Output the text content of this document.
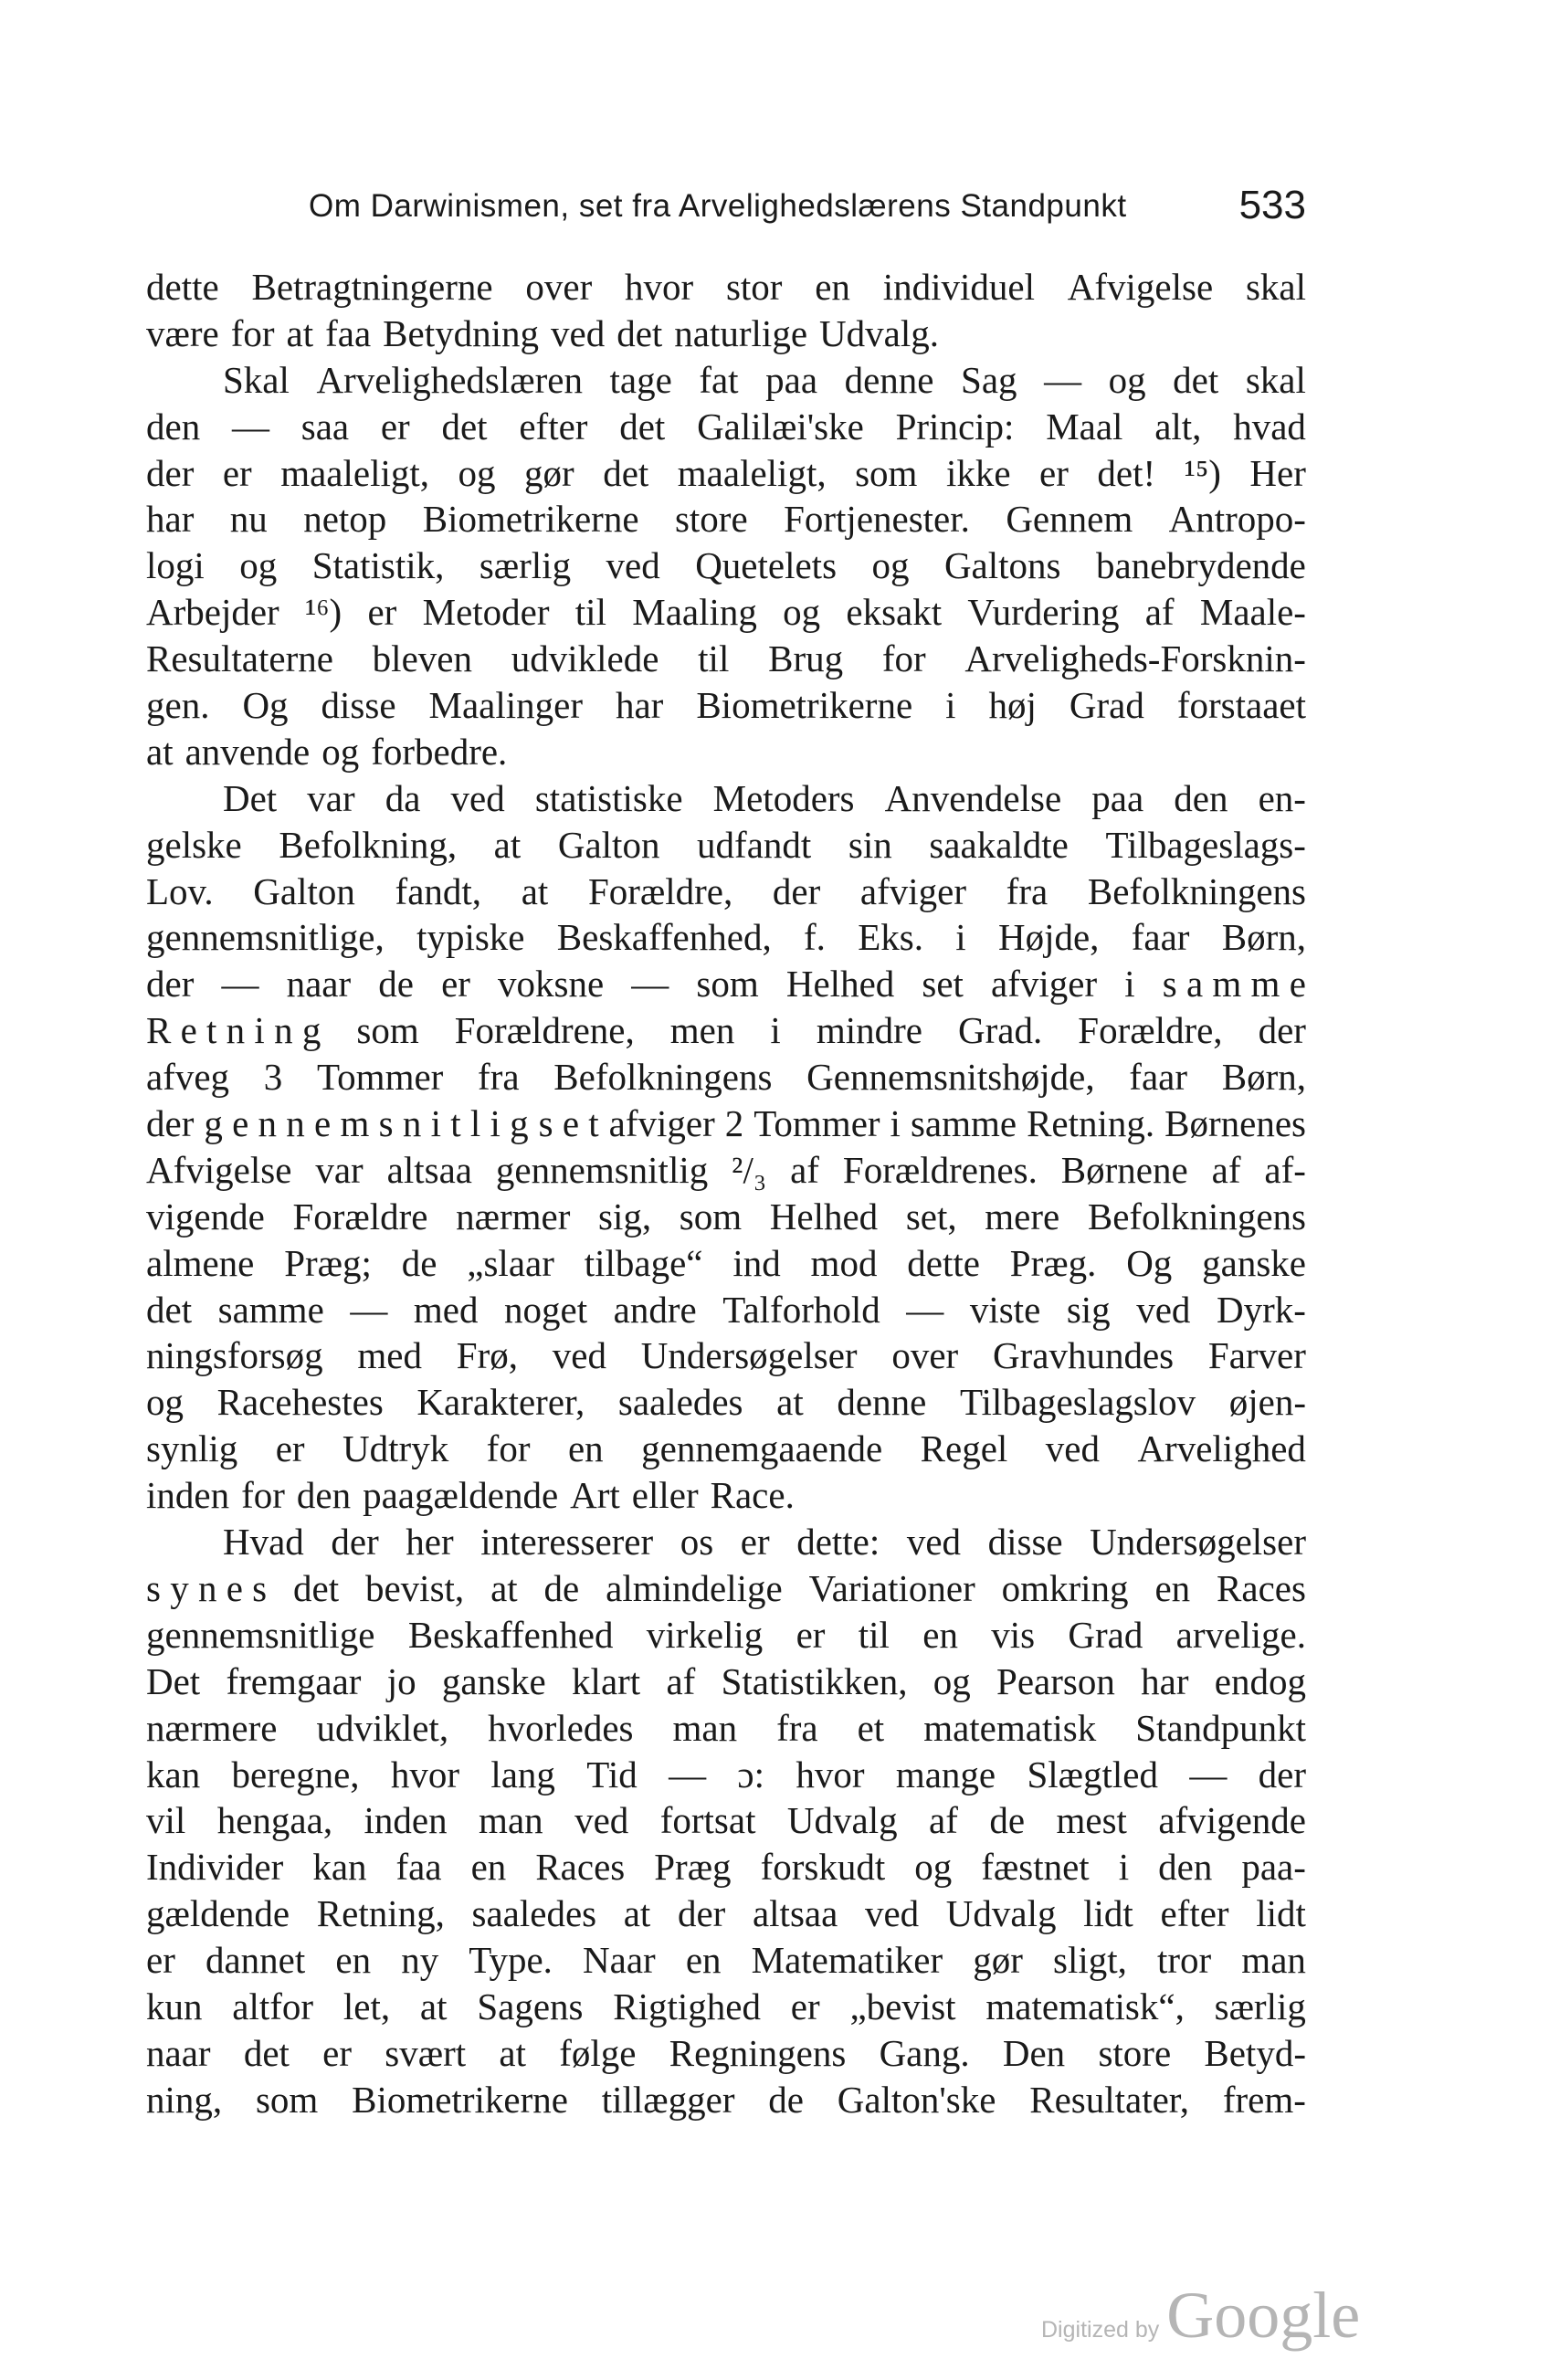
Om Darwinismen, set fra Arvelighedslærens Standpunkt	533
dette Betragtningerne over hvor stor en individuel Afvigelse skal
være for at faa Betydning ved det naturlige Udvalg.
Skal Arvelighedslæren tage fat paa denne Sag — og det skal
den — saa er det efter det Galilæi'ske Princip: Maal alt, hvad
der er maaleligt, og gør det maaleligt, som ikke er det! ¹⁵) Her
har nu netop Biometrikerne store Fortjenester. Gennem Antropo-
logi og Statistik, særlig ved Quetelets og Galtons banebrydende
Arbejder ¹⁶) er Metoder til Maaling og eksakt Vurdering af Maale-
Resultaterne bleven udviklede til Brug for Arveligheds-Forsknin-
gen. Og disse Maalinger har Biometrikerne i høj Grad forstaaet
at anvende og forbedre.
Det var da ved statistiske Metoders Anvendelse paa den en-
gelske Befolkning, at Galton udfandt sin saakaldte Tilbageslags-
Lov. Galton fandt, at Forældre, der afviger fra Befolkningens
gennemsnitlige, typiske Beskaffenhed, f. Eks. i Højde, faar Børn,
der — naar de er voksne — som Helhed set afviger i s a m m e
R e t n i n g som Forældrene, men i mindre Grad. Forældre, der
afveg 3 Tommer fra Befolkningens Gennemsnitshøjde, faar Børn,
der g e n n e m s n i t l i g s e t afviger 2 Tommer i samme Retning. Børnenes
Afvigelse var altsaa gennemsnitlig ²/₃ af Forældrenes. Børnene af af-
vigende Forældre nærmer sig, som Helhed set, mere Befolkningens
almene Præg; de „slaar tilbage“ ind mod dette Præg. Og ganske
det samme — med noget andre Talforhold — viste sig ved Dyrk-
ningsforsøg med Frø, ved Undersøgelser over Gravhundes Farver
og Racehestes Karakterer, saaledes at denne Tilbageslagslov øjen-
synlig er Udtryk for en gennemgaaende Regel ved Arvelighed
inden for den paagældende Art eller Race.
Hvad der her interesserer os er dette: ved disse Undersøgelser
s y n e s det bevist, at de almindelige Variationer omkring en Races
gennemsnitlige Beskaffenhed virkelig er til en vis Grad arvelige.
Det fremgaar jo ganske klart af Statistikken, og Pearson har endog
nærmere udviklet, hvorledes man fra et matematisk Standpunkt
kan beregne, hvor lang Tid — ɔ: hvor mange Slægtled — der
vil hengaa, inden man ved fortsat Udvalg af de mest afvigende
Individer kan faa en Races Præg forskudt og fæstnet i den paa-
gældende Retning, saaledes at der altsaa ved Udvalg lidt efter lidt
er dannet en ny Type. Naar en Matematiker gør sligt, tror man
kun altfor let, at Sagens Rigtighed er „bevist matematisk“, særlig
naar det er svært at følge Regningens Gang. Den store Betyd-
ning, som Biometrikerne tillægger de Galton'ske Resultater, frem-
Digitized by Google
